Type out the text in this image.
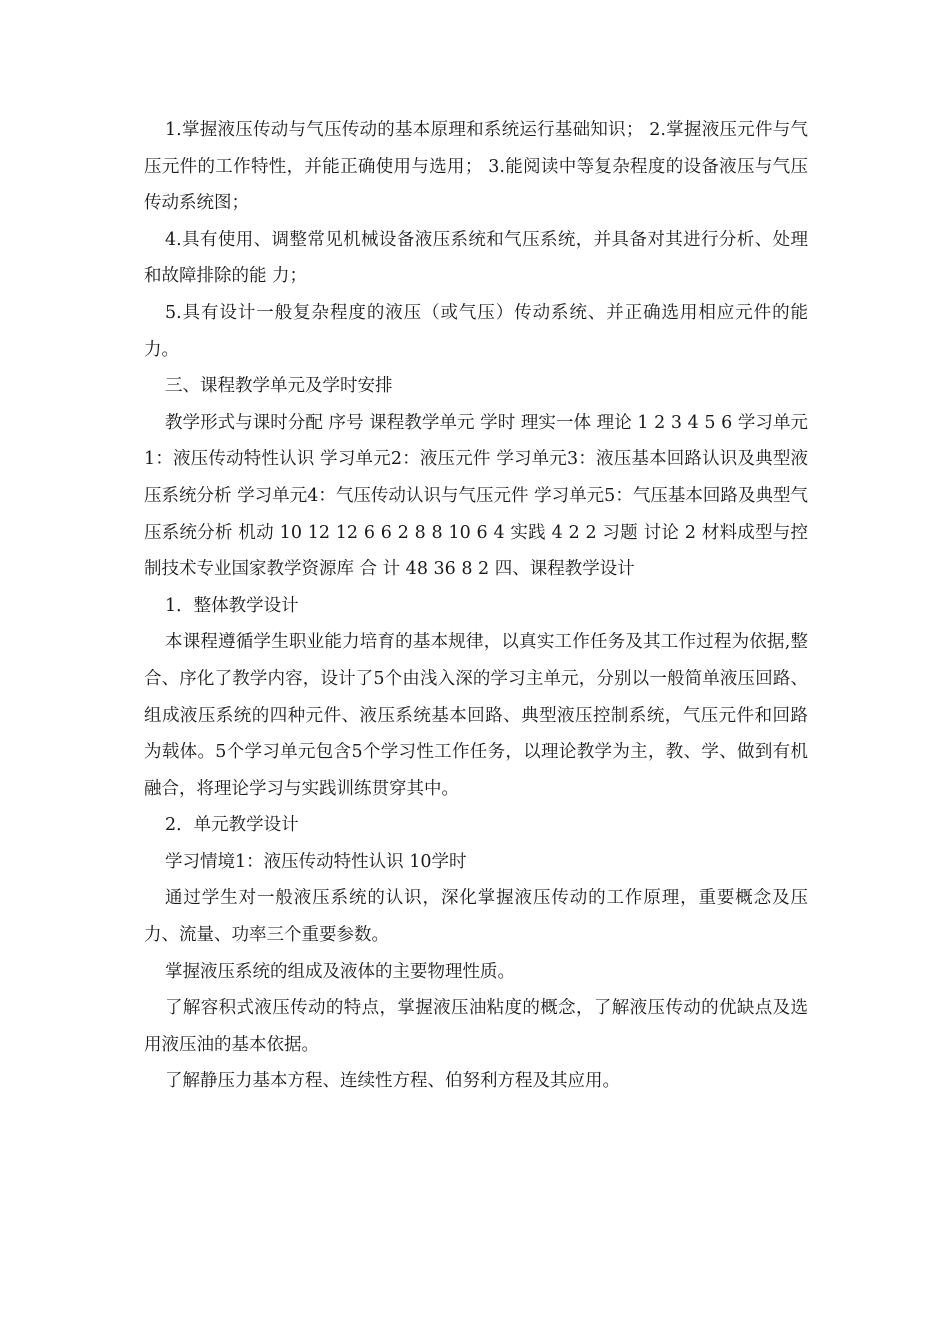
1.掌握液压传动与气压传动的基本原理和系统运行基础知识； 2.掌握液压元件与气压元件的工作特性，并能正确使用与选用； 3.能阅读中等复杂程度的设备液压与气压传动系统图；

4.具有使用、调整常见机械设备液压系统和气压系统，并具备对其进行分析、处理和故障排除的能 力；

5.具有设计一般复杂程度的液压（或气压）传动系统、并正确选用相应元件的能力。

三、课程教学单元及学时安排

教学形式与课时分配 序号 课程教学单元 学时 理实一体 理论 1 2 3 4 5 6 学习单元1：液压传动特性认识 学习单元2：液压元件 学习单元3：液压基本回路认识及典型液压系统分析 学习单元4：气压传动认识与气压元件 学习单元5：气压基本回路及典型气压系统分析 机动 10 12 12 6 6 2 8 8 10 6 4 实践 4 2 2 习题 讨论 2 材料成型与控制技术专业国家教学资源库 合 计 48 36 8 2 四、课程教学设计

1．整体教学设计

本课程遵循学生职业能力培育的基本规律，以真实工作任务及其工作过程为依据,整合、序化了教学内容，设计了5个由浅入深的学习主单元，分别以一般简单液压回路、组成液压系统的四种元件、液压系统基本回路、典型液压控制系统，气压元件和回路为载体。5个学习单元包含5个学习性工作任务，以理论教学为主，教、学、做到有机融合，将理论学习与实践训练贯穿其中。

2．单元教学设计

学习情境1：液压传动特性认识 10学时

通过学生对一般液压系统的认识，深化掌握液压传动的工作原理，重要概念及压力、流量、功率三个重要参数。

掌握液压系统的组成及液体的主要物理性质。

了解容积式液压传动的特点，掌握液压油粘度的概念，了解液压传动的优缺点及选用液压油的基本依据。

了解静压力基本方程、连续性方程、伯努利方程及其应用。
